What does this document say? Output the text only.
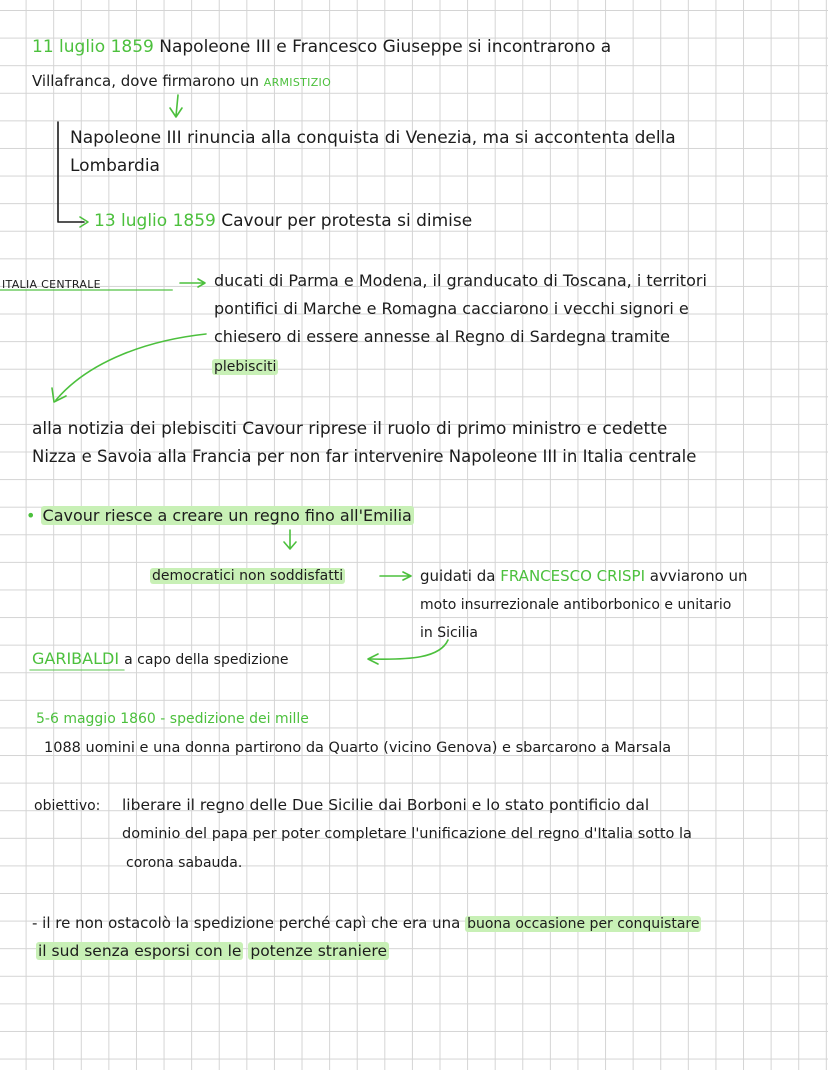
11 luglio 1859 Napoleone III e Francesco Giuseppe si incontrarono a
Villafranca, dove firmarono un ARMISTIZIO
Napoleone III rinuncia alla conquista di Venezia, ma si accontenta della
Lombardia
13 luglio 1859 Cavour per protesta si dimise
ITALIA CENTRALE	ducati di Parma e Modena, il granducato di Toscana, i territori
pontifici di Marche e Romagna cacciarono i vecchi signori e
chiesero di essere annesse al Regno di Sardegna tramite
plebisciti
alla notizia dei plebisciti Cavour riprese il ruolo di primo ministro e cedette
Nizza e Savoia alla Francia per non far intervenire Napoleone III in Italia centrale
• Cavour riesce a creare un regno fino all'Emilia
democratici non soddisfatti	guidati da FRANCESCO CRISPI avviarono un
moto insurrezionale antiborbonico e unitario
in Sicilia
GARIBALDI a capo della spedizione
5-6 maggio 1860 - spedizione dei mille
1088 uomini e una donna partirono da Quarto (vicino Genova) e sbarcarono a Marsala
obiettivo: liberare il regno delle Due Sicilie dai Borboni e lo stato pontificio dal
dominio del papa per poter completare l'unificazione del regno d'Italia sotto la
corona sabauda.
- il re non ostacolò la spedizione perché capì che era una buona occasione per conquistare
il sud senza esporsi con le potenze straniere
